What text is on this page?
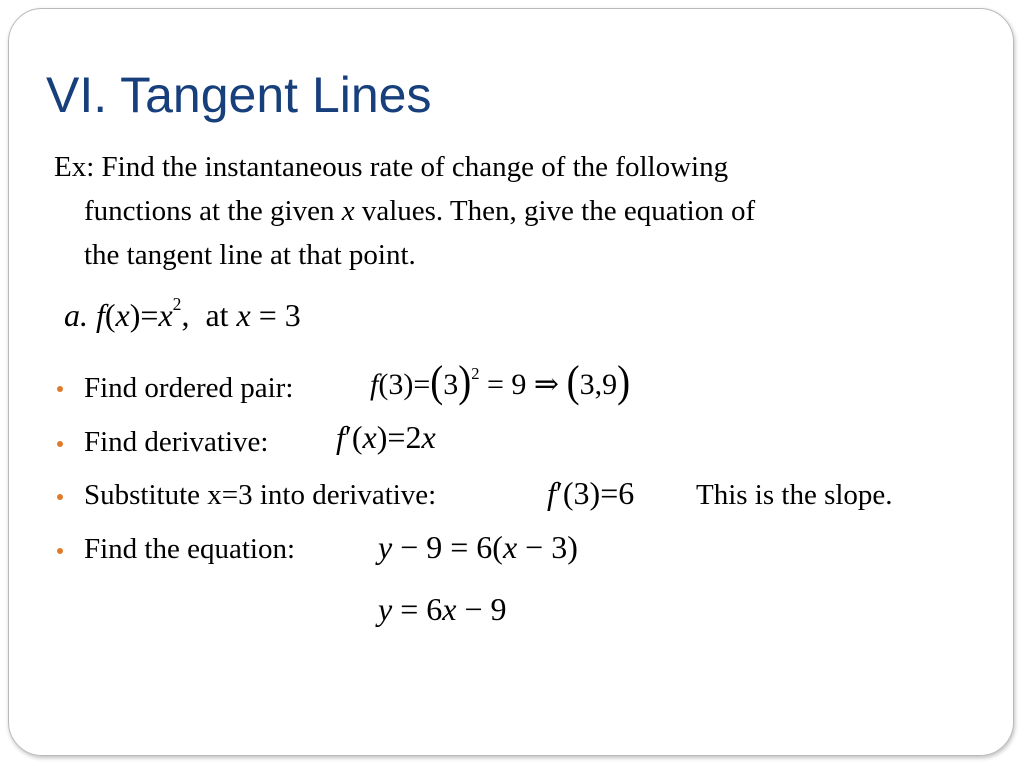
VI. Tangent Lines
Ex: Find the instantaneous rate of change of the following
functions at the given x values. Then, give the equation of
the tangent line at that point.
a. $f(x)=x^2$, at x = 3
Find ordered pair:	$f(3)=(3)^2 = 9$ ⇒ (3,9)
Find derivative: f′(x)=2x
Substitute x=3 into derivative:	f′(3)=6 This is the slope.
Find the equation:	y − 9 = 6(x − 3)
y = 6x − 9
